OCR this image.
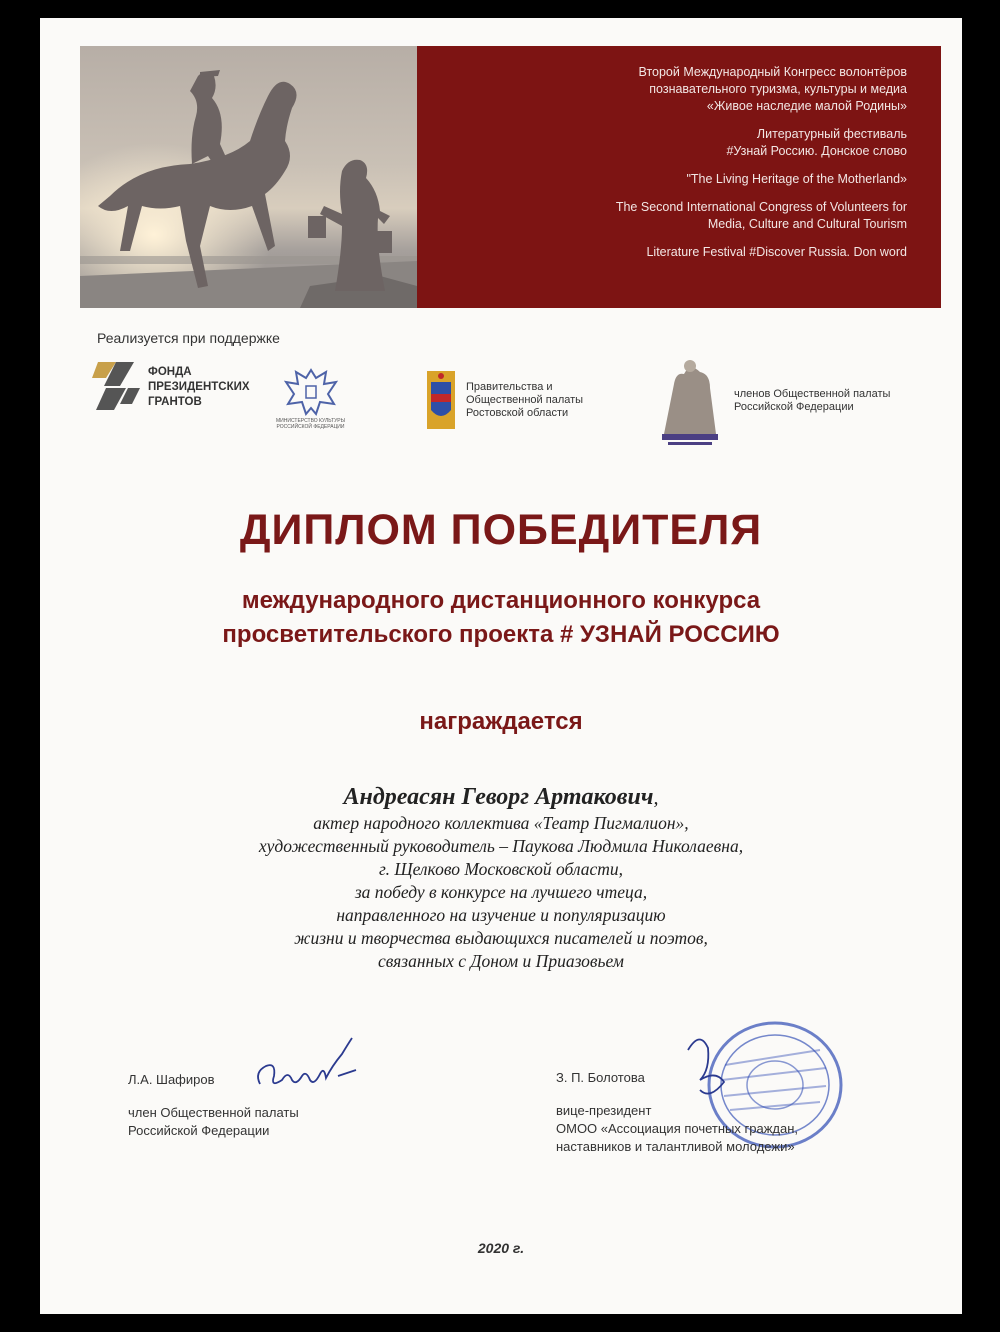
Второй Международный Конгресс волонтёров
познавательного туризма, культуры и медиа
«Живое наследие малой Родины»

Литературный фестиваль
#Узнай Россию. Донское слово

"The Living Heritage of the Motherland»

The Second International Congress of Volunteers for
Media, Culture and Cultural Tourism

Literature Festival #Discover Russia. Don word

Реализуется при поддержке
ФОНДА
ПРЕЗИДЕНТСКИХ
ГРАНТОВ
МИНИСТЕРСТВО КУЛЬТУРЫ
РОССИЙСКОЙ ФЕДЕРАЦИИ
Правительства и
Общественной палаты
Ростовской области
членов Общественной палаты
Российской Федерации
ДИПЛОМ ПОБЕДИТЕЛЯ
международного дистанционного конкурса
просветительского проекта # УЗНАЙ РОССИЮ
награждается
Андреасян Геворг Артакович,
актер народного коллектива «Театр Пигмалион»,
художественный руководитель – Паукова Людмила Николаевна,
г. Щелково Московской области,
за победу в конкурсе на лучшего чтеца,
направленного на изучение и популяризацию
жизни и творчества выдающихся писателей и поэтов,
связанных с Доном и Приазовьем
Л.А. Шафиров
член Общественной палаты
Российской Федерации
З. П. Болотова
вице-президент
ОМОО «Ассоциация почетных граждан,
наставников и талантливой молодежи»
2020 г.
